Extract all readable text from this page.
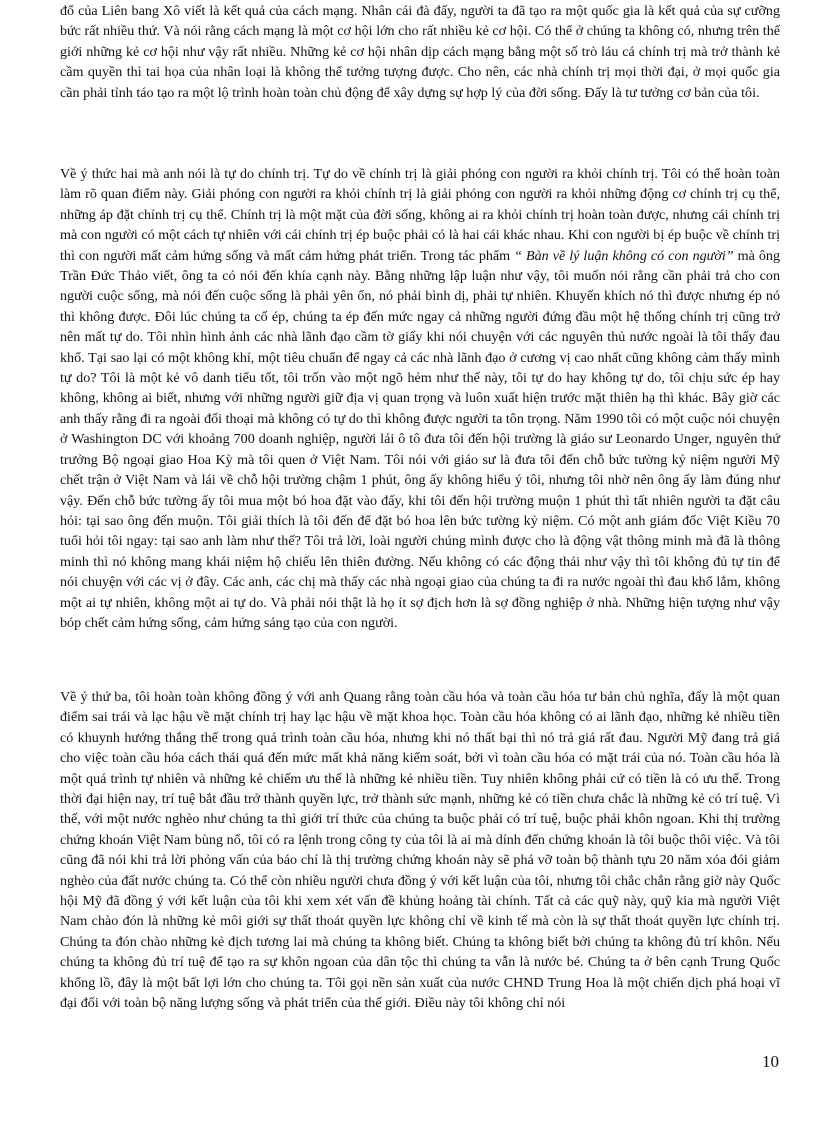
đổ của Liên bang Xô viết là kết quả của cách mạng. Nhân cái đà đấy, người ta đã tạo ra một quốc gia là kết quả của sự cưỡng bức rất nhiều thứ. Và nói rằng cách mạng là một cơ hội lớn cho rất nhiều kẻ cơ hội. Có thể ở chúng ta không có, nhưng trên thế giới những kẻ cơ hội như vậy rất nhiều. Những kẻ cơ hội nhân dịp cách mạng bằng một số trò láu cá chính trị mà trở thành kẻ cầm quyền thì tai họa của nhân loại là không thể tưởng tượng được. Cho nên, các nhà chính trị mọi thời đại, ở mọi quốc gia cần phải tỉnh táo tạo ra một lộ trình hoàn toàn chủ động để xây dựng sự hợp lý của đời sống. Đấy là tư tưởng cơ bản của tôi.

Về ý thức hai mà anh nói là tự do chính trị. Tự do về chính trị là giải phóng con người ra khỏi chính trị. Tôi có thể hoàn toàn làm rõ quan điểm này. Giải phóng con người ra khỏi chính trị là giải phóng con người ra khỏi những động cơ chính trị cụ thể, những áp đặt chính trị cụ thể. Chính trị là một mặt của đời sống, không ai ra khỏi chính trị hoàn toàn được, nhưng cái chính trị mà con người có một cách tự nhiên với cái chính trị ép buộc phải có là hai cái khác nhau. Khi con người bị ép buộc về chính trị thì con người mất cảm hứng sống và mất cảm hứng phát triển. Trong tác phẩm “ Bàn về lý luận không có con người” mà ông Trần Đức Thảo viết, ông ta có nói đến khía cạnh này. Bằng những lập luận như vậy, tôi muốn nói rằng cần phải trả cho con người cuộc sống, mà nói đến cuộc sống là phải yên ổn, nó phải bình dị, phải tự nhiên. Khuyến khích nó thì được nhưng ép nó thì không được. Đôi lúc chúng ta cố ép, chúng ta ép đến mức ngay cả những người đứng đầu một hệ thống chính trị cũng trở nên mất tự do. Tôi nhìn hình ảnh các nhà lãnh đạo cầm tờ giấy khi nói chuyện với các nguyên thủ nước ngoài là tôi thấy đau khổ. Tại sao lại có một không khí, một tiêu chuẩn để ngay cả các nhà lãnh đạo ở cương vị cao nhất cũng không cảm thấy mình tự do? Tôi là một kẻ vô danh tiểu tốt, tôi trốn vào một ngõ hẻm như thế này, tôi tự do hay không tự do, tôi chịu sức ép hay không, không ai biết, nhưng với những người giữ địa vị quan trọng và luôn xuất hiện trước mặt thiên hạ thì khác. Bây giờ các anh thấy rằng đi ra ngoài đối thoại mà không có tự do thì không được người ta tôn trọng. Năm 1990 tôi có một cuộc nói chuyện ở Washington DC với khoảng 700 doanh nghiệp, người lái ô tô đưa tôi đến hội trường là giáo sư Leonardo Unger, nguyên thứ trưởng Bộ ngoại giao Hoa Kỳ mà tôi quen ở Việt Nam. Tôi nói với giáo sư là đưa tôi đến chỗ bức tường kỷ niệm người Mỹ chết trận ở Việt Nam và lái về chỗ hội trường chậm 1 phút, ông ấy không hiểu ý tôi, nhưng tôi nhờ nên ông ấy làm đúng như vậy. Đến chỗ bức tường ấy tôi mua một bó hoa đặt vào đấy, khi tôi đến hội trường muộn 1 phút thì tất nhiên người ta đặt câu hỏi: tại sao ông đến muộn. Tôi giải thích là tôi đến để đặt bó hoa lên bức tường kỷ niệm. Có một anh giám đốc Việt Kiều 70 tuổi hỏi tôi ngay: tại sao anh làm như thế? Tôi trả lời, loài người chúng mình được cho là động vật thông minh mà đã là thông minh thì nó không mang khái niệm hộ chiếu lên thiên đường. Nếu không có các động thái như vậy thì tôi không đủ tự tin để nói chuyện với các vị ở đây. Các anh, các chị mà thấy các nhà ngoại giao của chúng ta đi ra nước ngoài thì đau khổ lắm, không một ai tự nhiên, không một ai tự do. Và phải nói thật là họ ít sợ địch hơn là sợ đồng nghiệp ở nhà. Những hiện tượng như vậy bóp chết cảm hứng sống, cảm hứng sáng tạo của con người.

Về ý thứ ba, tôi hoàn toàn không đồng ý với anh Quang rằng toàn cầu hóa và toàn cầu hóa tư bản chủ nghĩa, đấy là một quan điểm sai trái và lạc hậu về mặt chính trị hay lạc hậu về mặt khoa học. Toàn cầu hóa không có ai lãnh đạo, những kẻ nhiều tiền có khuynh hướng thắng thế trong quá trình toàn cầu hóa, nhưng khi nó thất bại thì nó trả giá rất đau. Người Mỹ đang trả giá cho việc toàn cầu hóa cách thái quá đến mức mất khả năng kiểm soát, bởi vì toàn cầu hóa có mặt trái của nó. Toàn cầu hóa là một quá trình tự nhiên và những kẻ chiếm ưu thế là những kẻ nhiều tiền. Tuy nhiên không phải cứ có tiền là có ưu thế. Trong thời đại hiện nay, trí tuệ bắt đầu trở thành quyền lực, trở thành sức mạnh, những kẻ có tiền chưa chắc là những kẻ có trí tuệ. Vì thế, với một nước nghèo như chúng ta thì giới trí thức của chúng ta buộc phải có trí tuệ, buộc phải khôn ngoan. Khi thị trường chứng khoán Việt Nam bùng nổ, tôi có ra lệnh trong công ty của tôi là ai mà dính đến chứng khoán là tôi buộc thôi việc. Và tôi cũng đã nói khi trả lời phỏng vấn của báo chí là thị trường chứng khoán này sẽ phá vỡ toàn bộ thành tựu 20 năm xóa đói giảm nghèo của đất nước chúng ta. Có thể còn nhiều người chưa đồng ý với kết luận của tôi, nhưng tôi chắc chắn rằng giờ này Quốc hội Mỹ đã đồng ý với kết luận của tôi khi xem xét vấn đề khủng hoảng tài chính. Tất cả các quỹ này, quỹ kia mà người Việt Nam chào đón là những kẻ môi giới sự thất thoát quyền lực không chỉ về kinh tế mà còn là sự thất thoát quyền lực chính trị. Chúng ta đón chào những kẻ địch tương lai mà chúng ta không biết. Chúng ta không biết bởi chúng ta không đủ trí khôn. Nếu chúng ta không đủ trí tuệ để tạo ra sự khôn ngoan của dân tộc thì chúng ta vẫn là nước bé. Chúng ta ở bên cạnh Trung Quốc khổng lồ, đây là một bất lợi lớn cho chúng ta. Tôi gọi nền sản xuất của nước CHND Trung Hoa là một chiến dịch phá hoại vĩ đại đối với toàn bộ năng lượng sống và phát triển của thế giới. Điều này tôi không chỉ nói

10
